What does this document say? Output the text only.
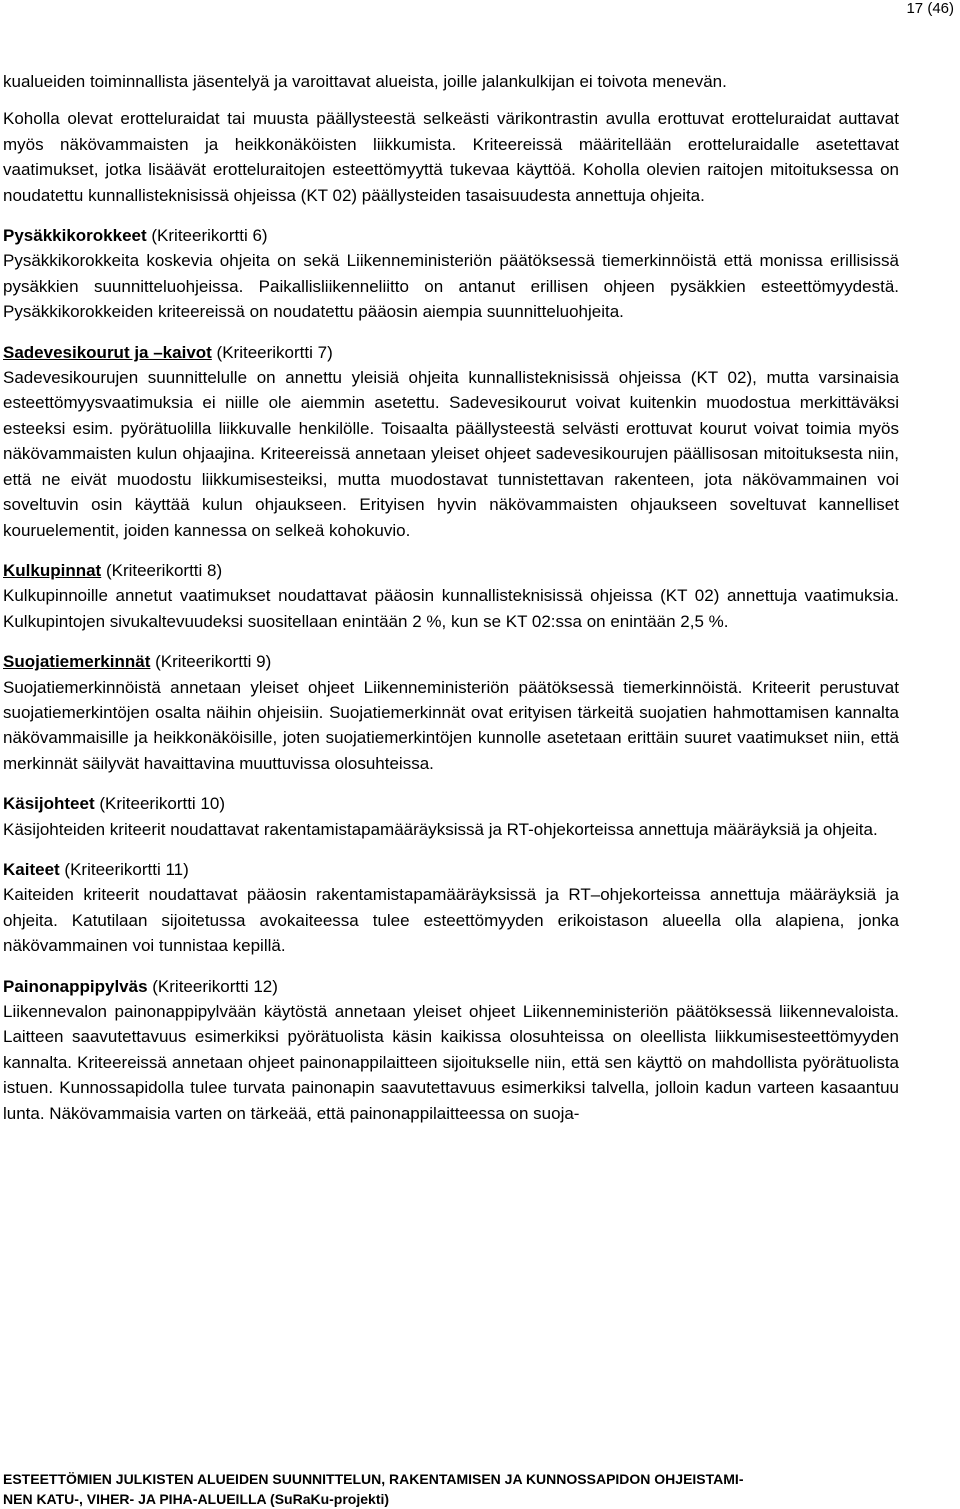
17 (46)

kualueiden toiminnallista jäsentelyä ja varoittavat alueista, joille jalankulkijan ei toivota menevän.

Koholla olevat erotteluraidat tai muusta päällysteestä selkeästi värikontrastin avulla erottuvat erotteluraidat auttavat myös näkövammaisten ja heikkonäköisten liikkumista. Kriteereissä määritellään erotteluraidalle asetettavat vaatimukset, jotka lisäävät erotteluraitojen esteettömyyttä tukevaa käyttöä. Koholla olevien raitojen mitoituksessa on noudatettu kunnallisteknisissä ohjeissa (KT 02) päällysteiden tasaisuudesta annettuja ohjeita.

Pysäkkikorokkeet (Kriteerikortti 6)

Pysäkkikorokkeita koskevia ohjeita on sekä Liikenneministeriön päätöksessä tiemerkinnöistä että monissa erillisissä pysäkkien suunnitteluohjeissa. Paikallisliikenneliitto on antanut erillisen ohjeen pysäkkien esteettömyydestä. Pysäkkikorokkeiden kriteereissä on noudatettu pääosin aiempia suunnitteluohjeita.

Sadevesikourut ja –kaivot (Kriteerikortti 7)

Sadevesikourujen suunnittelulle on annettu yleisiä ohjeita kunnallisteknisissä ohjeissa (KT 02), mutta varsinaisia esteettömyysvaatimuksia ei niille ole aiemmin asetettu. Sadevesikourut voivat kuitenkin muodostua merkittäväksi esteeksi esim. pyörätuolilla liikkuvalle henkilölle. Toisaalta päällysteestä selvästi erottuvat kourut voivat toimia myös näkövammaisten kulun ohjaajina. Kriteereissä annetaan yleiset ohjeet sadevesikourujen päällisosan mitoituksesta niin, että ne eivät muodostu liikkumisesteiksi, mutta muodostavat tunnistettavan rakenteen, jota näkövammainen voi soveltuvin osin käyttää kulun ohjaukseen. Erityisen hyvin näkövammaisten ohjaukseen soveltuvat kannelliset kouruelementit, joiden kannessa on selkeä kohokuvio.

Kulkupinnat (Kriteerikortti 8)

Kulkupinnoille annetut vaatimukset noudattavat pääosin kunnallisteknisissä ohjeissa (KT 02) annettuja vaatimuksia. Kulkupintojen sivukaltevuudeksi suositellaan enintään 2 %, kun se KT 02:ssa on enintään 2,5 %.

Suojatiemerkinnät (Kriteerikortti 9)

Suojatiemerkinnöistä annetaan yleiset ohjeet Liikenneministeriön päätöksessä tiemerkinnöistä. Kriteerit perustuvat suojatiemerkintöjen osalta näihin ohjeisiin. Suojatiemerkinnät ovat erityisen tärkeitä suojatien hahmottamisen kannalta näkövammaisille ja heikkonäköisille, joten suojatiemerkintöjen kunnolle asetetaan erittäin suuret vaatimukset niin, että merkinnät säilyvät havaittavina muuttuvissa olosuhteissa.

Käsijohteet (Kriteerikortti 10)

Käsijohteiden kriteerit noudattavat rakentamistapamääräyksissä ja RT-ohjekorteissa annettuja määräyksiä ja ohjeita.

Kaiteet (Kriteerikortti 11)

Kaiteiden kriteerit noudattavat pääosin rakentamistapamääräyksissä ja RT–ohjekorteissa annettuja määräyksiä ja ohjeita. Katutilaan sijoitetussa avokaiteessa tulee esteettömyyden erikoistason alueella olla alapiena, jonka näkövammainen voi tunnistaa kepillä.

Painonappipylväs (Kriteerikortti 12)

Liikennevalon painonappipylvään käytöstä annetaan yleiset ohjeet Liikenneministeriön päätöksessä liikennevaloista. Laitteen saavutettavuus esimerkiksi pyörätuolista käsin kaikissa olosuhteissa on oleellista liikkumisesteettömyyden kannalta. Kriteereissä annetaan ohjeet painonappilaitteen sijoitukselle niin, että sen käyttö on mahdollista pyörätuolista istuen. Kunnossapidolla tulee turvata painonapin saavutettavuus esimerkiksi talvella, jolloin kadun varteen kasaantuu lunta. Näkövammaisia varten on tärkeää, että painonappilaitteessa on suoja-

ESTEETTÖMIEN JULKISTEN ALUEIDEN SUUNNITTELUN, RAKENTAMISEN JA KUNNOSSAPIDON OHJEISTAMI-
NEN KATU-, VIHER- JA PIHA-ALUEILLA (SuRaKu-projekti)
